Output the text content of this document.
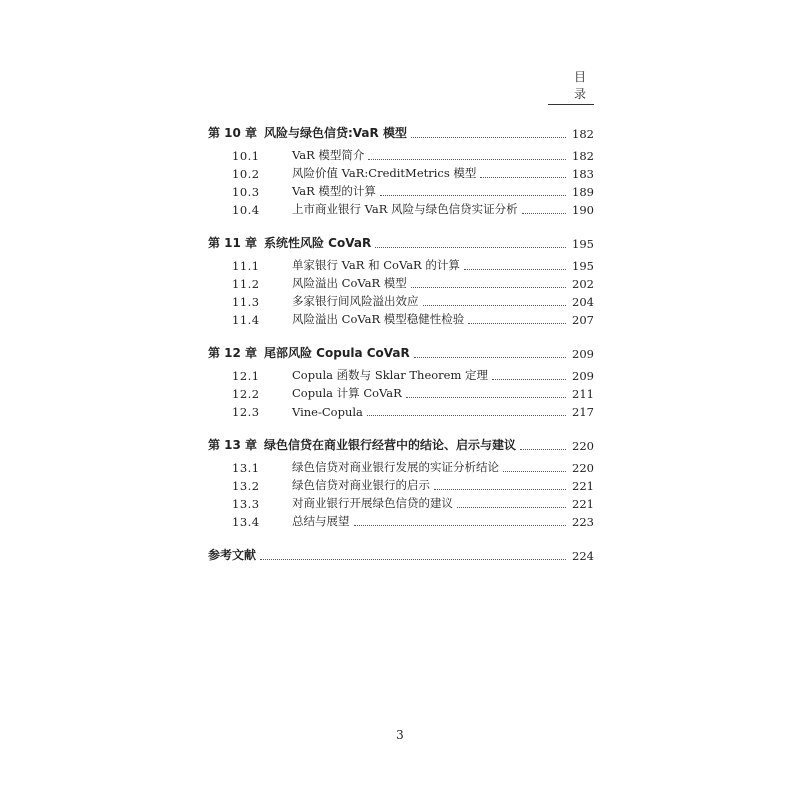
目 录
第 10 章 风险与绿色信贷:VaR 模型	182
10.1	VaR 模型简介	182
10.2	风险价值 VaR:CreditMetrics 模型	183
10.3	VaR 模型的计算	189
10.4	上市商业银行 VaR 风险与绿色信贷实证分析	190
第 11 章 系统性风险 CoVaR	195
11.1	单家银行 VaR 和 CoVaR 的计算	195
11.2	风险溢出 CoVaR 模型	202
11.3	多家银行间风险溢出效应	204
11.4	风险溢出 CoVaR 模型稳健性检验	207
第 12 章 尾部风险 Copula CoVaR	209
12.1	Copula 函数与 Sklar Theorem 定理	209
12.2	Copula 计算 CoVaR	211
12.3	Vine-Copula	217
第 13 章 绿色信贷在商业银行经营中的结论、启示与建议	220
13.1	绿色信贷对商业银行发展的实证分析结论	220
13.2	绿色信贷对商业银行的启示	221
13.3	对商业银行开展绿色信贷的建议	221
13.4	总结与展望	223
参考文献	224
3
